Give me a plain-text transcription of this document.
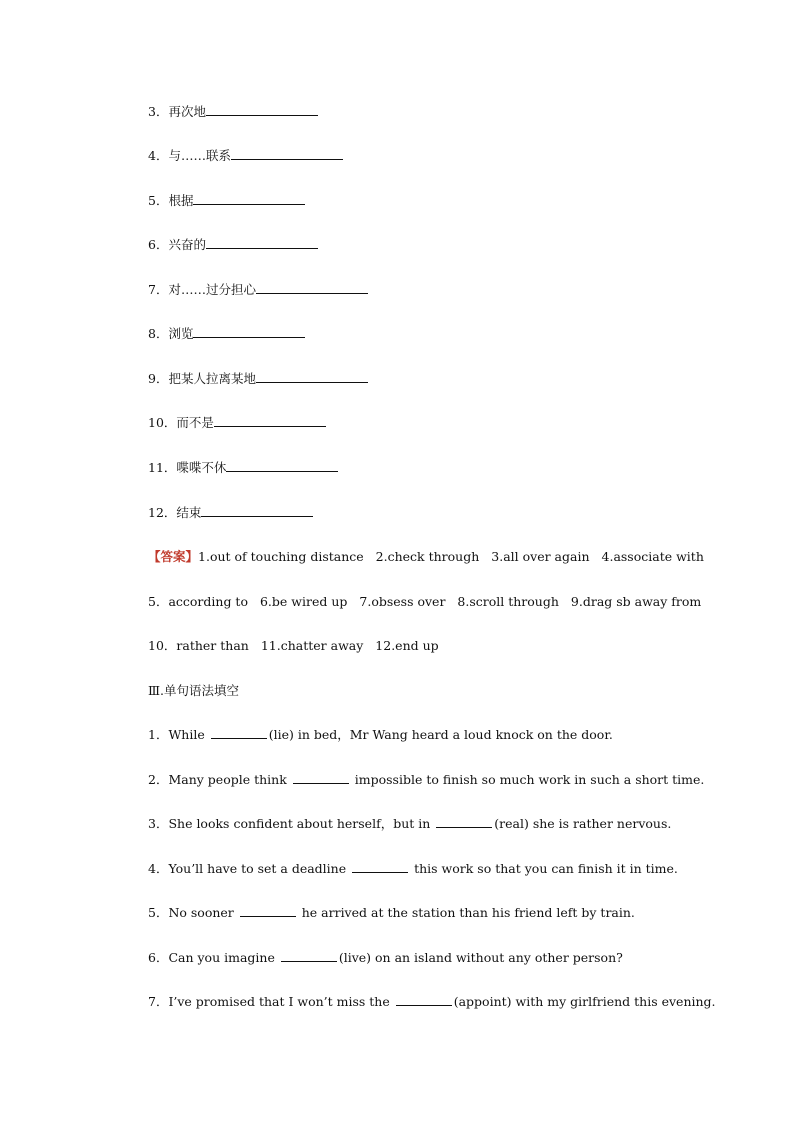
3．再次地
4．与……联系
5．根据
6．兴奋的
7．对……过分担心
8．浏览
9．把某人拉离某地
10．而不是
11．喋喋不休
12．结束
【答案】1.out of touching distance 2.check through 3.all over again 4.associate with
5．according to 6.be wired up 7.obsess over 8.scroll through 9.drag sb away from
10．rather than 11.chatter away 12.end up
Ⅲ.单句语法填空
1．While	(lie) in bed，Mr Wang heard a loud knock on the door.
2．Many people think	impossible to finish so much work in such a short time.
3．She looks confident about herself，but in	(real) she is rather nervous.
4．You’ll have to set a deadline	this work so that you can finish it in time.
5．No sooner	he arrived at the station than his friend left by train.
6．Can you imagine	(live) on an island without any other person?
7．I’ve promised that I won’t miss the	(appoint) with my girlfriend this evening.
